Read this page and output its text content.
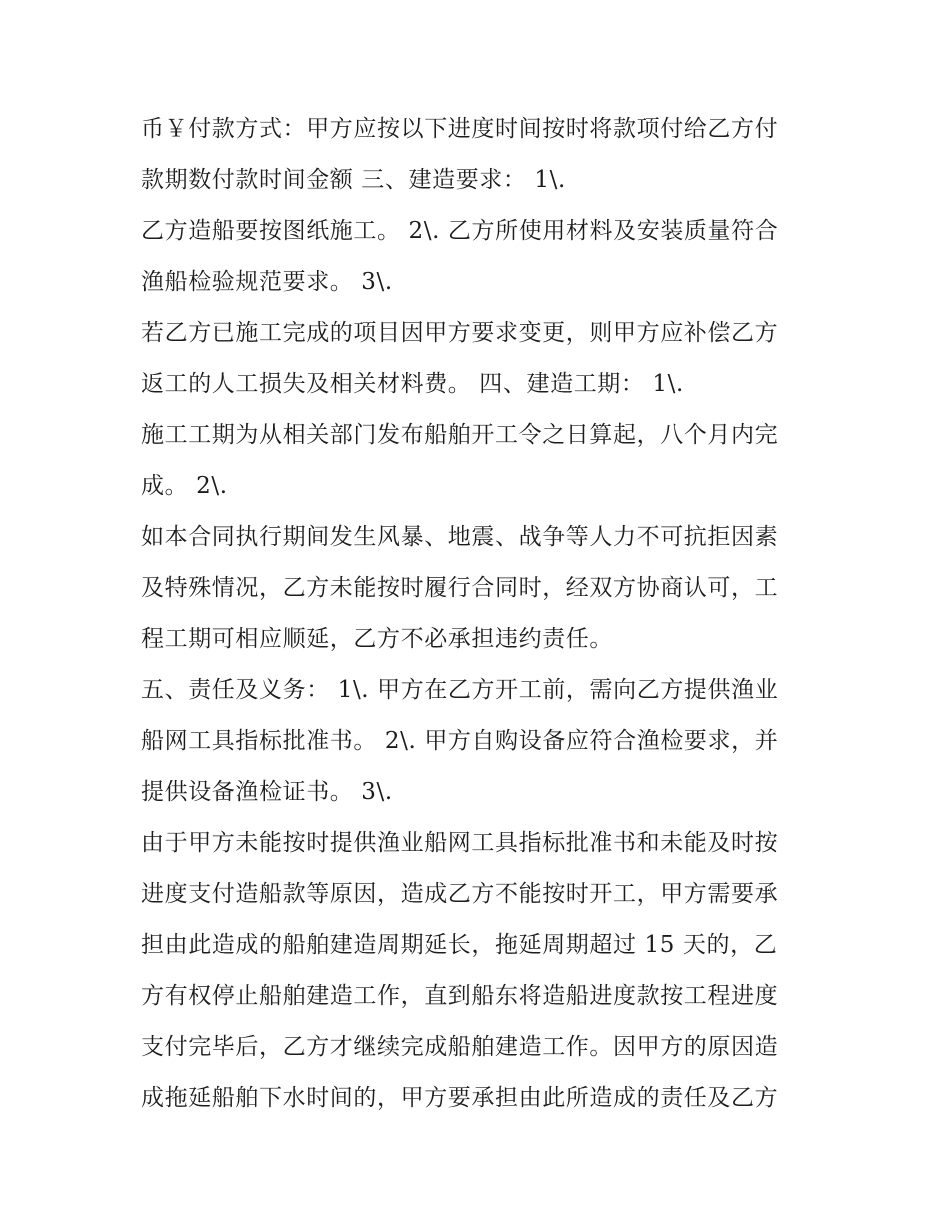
币￥付款方式：甲方应按以下进度时间按时将款项付给乙方付
款期数付款时间金额 三、建造要求： 1\.
乙方造船要按图纸施工。 2\. 乙方所使用材料及安装质量符合
渔船检验规范要求。 3\.
若乙方已施工完成的项目因甲方要求变更，则甲方应补偿乙方
返工的人工损失及相关材料费。 四、建造工期： 1\.
施工工期为从相关部门发布船舶开工令之日算起，八个月内完
成。 2\.
如本合同执行期间发生风暴、地震、战争等人力不可抗拒因素
及特殊情况，乙方未能按时履行合同时，经双方协商认可，工
程工期可相应顺延，乙方不必承担违约责任。
五、责任及义务： 1\. 甲方在乙方开工前，需向乙方提供渔业
船网工具指标批准书。 2\. 甲方自购设备应符合渔检要求，并
提供设备渔检证书。 3\.
由于甲方未能按时提供渔业船网工具指标批准书和未能及时按
进度支付造船款等原因，造成乙方不能按时开工，甲方需要承
担由此造成的船舶建造周期延长，拖延周期超过 15 天的，乙
方有权停止船舶建造工作，直到船东将造船进度款按工程进度
支付完毕后，乙方才继续完成船舶建造工作。因甲方的原因造
成拖延船舶下水时间的，甲方要承担由此所造成的责任及乙方
